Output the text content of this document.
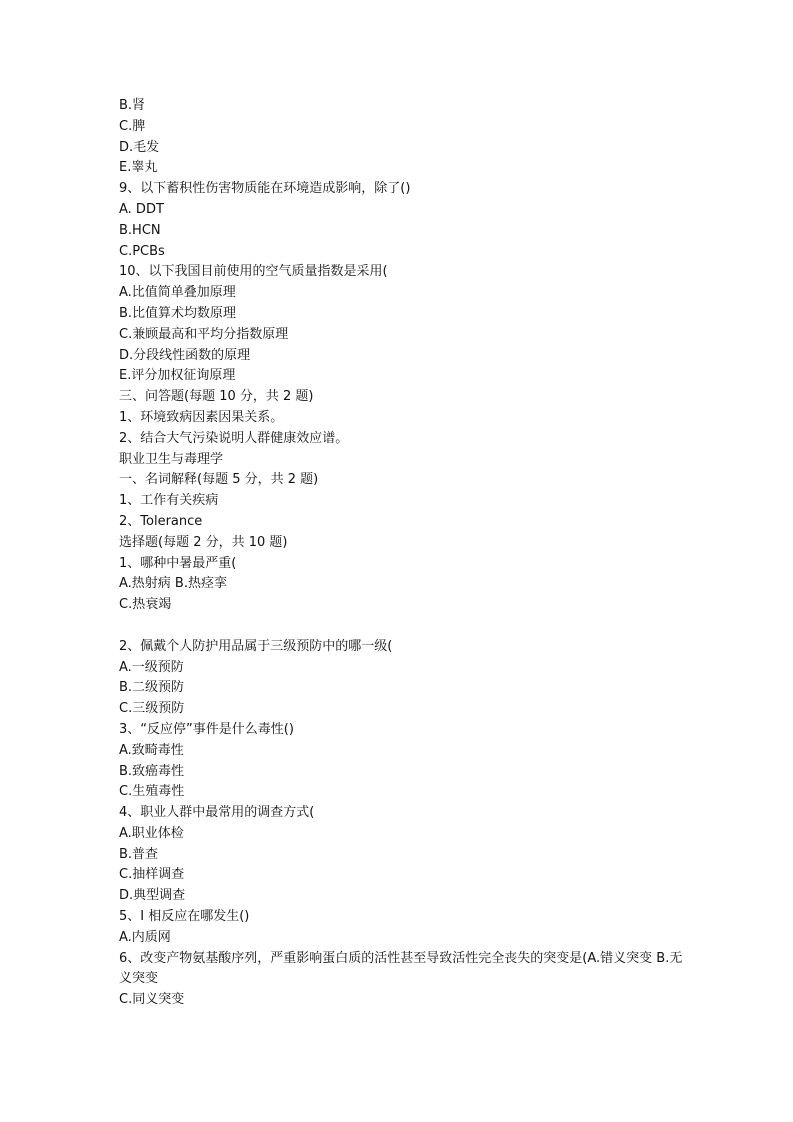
B.肾
C.脾
D.毛发
E.睾丸
9、以下蓄积性伤害物质能在环境造成影响，除了()
A. DDT
B.HCN
C.PCBs
10、以下我国目前使用的空气质量指数是采用(
A.比值简单叠加原理
B.比值算术均数原理
C.兼顾最高和平均分指数原理
D.分段线性函数的原理
E.评分加权征询原理
三、问答题(每题 10 分，共 2 题)
1、环境致病因素因果关系。
2、结合大气污染说明人群健康效应谱。
职业卫生与毒理学
一、名词解释(每题 5 分，共 2 题)
1、工作有关疾病
2、Tolerance
选择题(每题 2 分，共 10 题)
1、哪种中暑最严重(
A.热射病 B.热痉挛
C.热衰竭
2、佩戴个人防护用品属于三级预防中的哪一级(
A.一级预防
B.二级预防
C.三级预防
3、“反应停”事件是什么毒性()
A.致畸毒性
B.致癌毒性
C.生殖毒性
4、职业人群中最常用的调查方式(
A.职业体检
B.普查
C.抽样调查
D.典型调查
5、I 相反应在哪发生()
A.内质网
6、改变产物氨基酸序列，严重影响蛋白质的活性甚至导致活性完全丧失的突变是(A.错义突变 B.无义突变
C.同义突变
